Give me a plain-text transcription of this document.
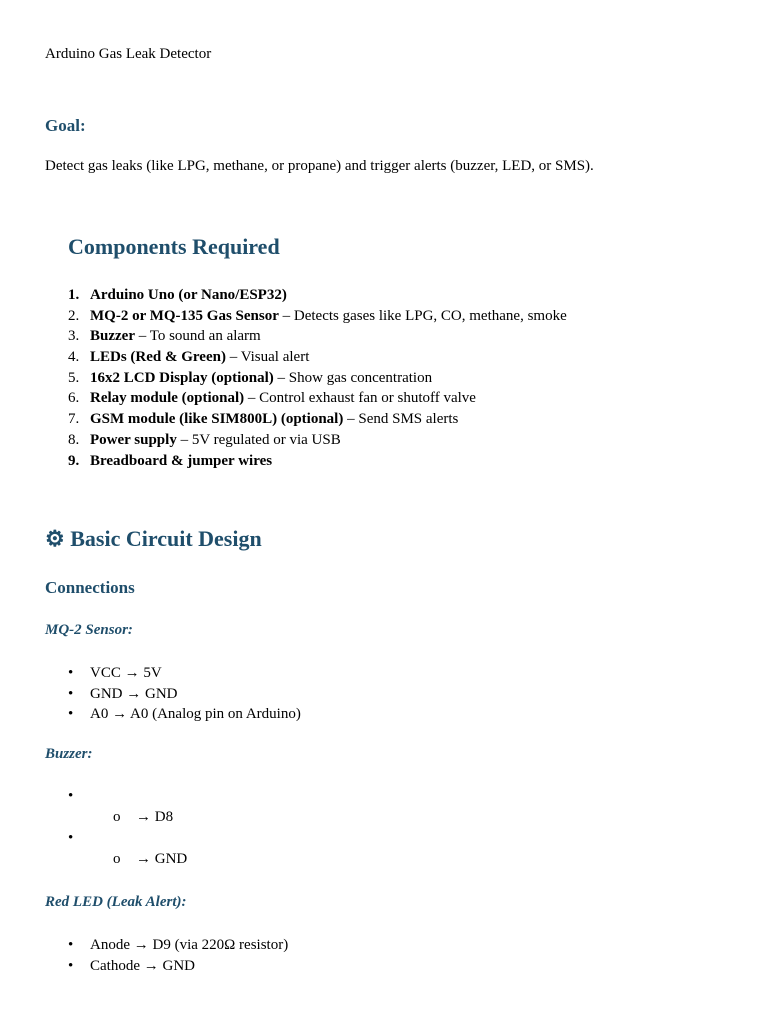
Arduino Gas Leak Detector
Goal:
Detect gas leaks (like LPG, methane, or propane) and trigger alerts (buzzer, LED, or SMS).
Components Required
1. Arduino Uno (or Nano/ESP32)
2. MQ-2 or MQ-135 Gas Sensor – Detects gases like LPG, CO, methane, smoke
3. Buzzer – To sound an alarm
4. LEDs (Red & Green) – Visual alert
5. 16x2 LCD Display (optional) – Show gas concentration
6. Relay module (optional) – Control exhaust fan or shutoff valve
7. GSM module (like SIM800L) (optional) – Send SMS alerts
8. Power supply – 5V regulated or via USB
9. Breadboard & jumper wires
⚙ Basic Circuit Design
Connections
MQ-2 Sensor:
• VCC → 5V
• GND → GND
• A0 → A0 (Analog pin on Arduino)
Buzzer:
•
o → D8
•
o → GND
Red LED (Leak Alert):
• Anode → D9 (via 220Ω resistor)
• Cathode → GND
